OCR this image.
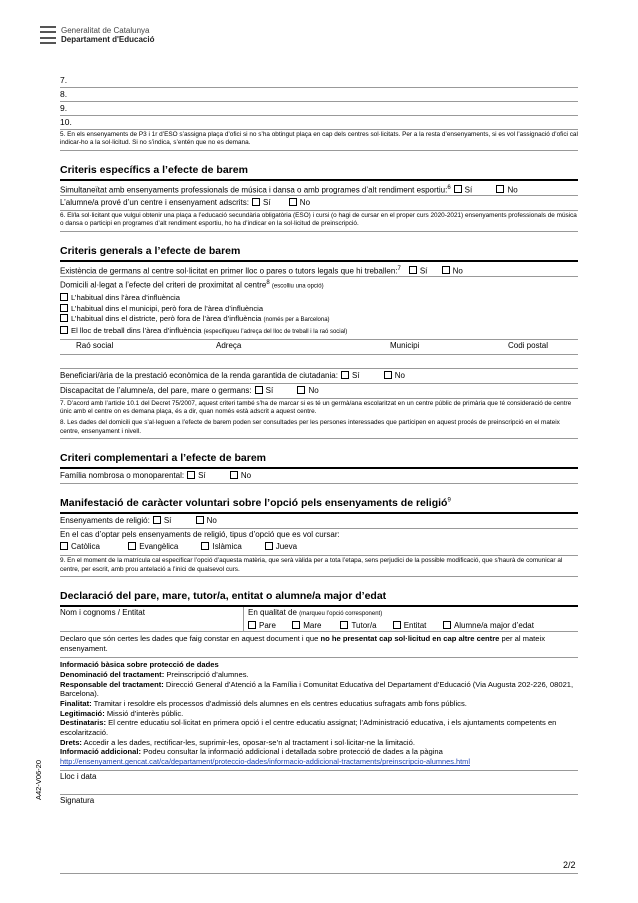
Generalitat de Catalunya
Departament d'Educació
7.
8.
9.
10.
5. En els ensenyaments de P3 i 1r d’ESO s’assigna plaça d’ofici si no s’ha obtingut plaça en cap dels centres sol·licitats. Per a la resta d’ensenyaments, si es vol l’assignació d’ofici cal indicar-ho a la sol·licitud. Si no s’indica, s’entén que no es demana.
Criteris específics a l’efecte de barem
Simultaneïtat amb ensenyaments professionals de música i dansa o amb programes d’alt rendiment esportiu:$^6$ Sí	No
L’alumne/a prové d’un centre i ensenyament adscrits: Sí	No
6. El/la sol·licitant que vulgui obtenir una plaça a l’educació secundària obligatòria (ESO) i cursi (o hagi de cursar en el proper curs 2020-2021) ensenyaments professionals de música o dansa o participi en programes d’alt rendiment esportiu, ho ha d’indicar en la sol·licitud de preinscripció.
Criteris generals a l’efecte de barem
Existència de germans al centre sol·licitat en primer lloc o pares o tutors legals que hi treballen:$^7$ Sí	No
Domicili al·legat a l’efecte del criteri de proximitat al centre$^8$ (escolliu una opció)
L’habitual dins l’àrea d’influència
L’habitual dins el municipi, però fora de l’àrea d’influència
L’habitual dins el districte, però fora de l’àrea d’influència (només per a Barcelona)
El lloc de treball dins l’àrea d’influència (especifiqueu l’adreça del lloc de treball i la raó social)
Raó social	Adreça	Municipi	Codi postal
Beneficiari/ària de la prestació econòmica de la renda garantida de ciutadania: Sí	No
Discapacitat de l’alumne/a, del pare, mare o germans: Sí	No
7. D’acord amb l’article 10.1 del Decret 75/2007, aquest criteri també s’ha de marcar si es té un germà/ana escolaritzat en un centre públic de primària que té consideració de centre únic amb el centre on es demana plaça, és a dir, quan només està adscrit a aquest centre.
8. Les dades del domicili que s’al·leguen a l’efecte de barem poden ser consultades per les persones interessades que participen en aquest procés de preinscripció en el mateix centre, ensenyament i nivell.
Criteri complementari a l’efecte de barem
Família nombrosa o monoparental: Sí	No
Manifestació de caràcter voluntari sobre l’opció pels ensenyaments de religió$^9$
Ensenyaments de religió: Sí	No
En el cas d’optar pels ensenyaments de religió, tipus d’opció que es vol cursar:
Catòlica	Evangèlica	Islàmica	Jueva
9. En el moment de la matrícula cal especificar l’opció d’aquesta matèria, que serà vàlida per a tota l’etapa, sens perjudici de la possible modificació, que s’haurà de comunicar al centre, per escrit, amb prou antelació a l’inici de qualsevol curs.
Declaració del pare, mare, tutor/a, entitat o alumne/a major d’edat
Nom i cognoms / Entitat	En qualitat de (marqueu l’opció corresponent)
Pare	Mare	Tutor/a	Entitat	Alumne/a major d’edat
Declaro que són certes les dades que faig constar en aquest document i que no he presentat cap sol·licitud en cap altre centre per al mateix ensenyament.
Informació bàsica sobre protecció de dades
Denominació del tractament: Preinscripció d’alumnes.
Responsable del tractament: Direcció General d’Atenció a la Família i Comunitat Educativa del Departament d’Educació (Via Augusta 202-226, 08021, Barcelona).
Finalitat: Tramitar i resoldre els processos d’admissió dels alumnes en els centres educatius sufragats amb fons públics.
Legitimació: Missió d’interès públic.
Destinataris: El centre educatiu sol·licitat en primera opció i el centre educatiu assignat; l’Administració educativa, i els ajuntaments competents en escolarització.
Drets: Accedir a les dades, rectificar-les, suprimir-les, oposar-se’n al tractament i sol·licitar-ne la limitació.
Informació addicional: Podeu consultar la informació addicional i detallada sobre protecció de dades a la pàgina
http://ensenyament.gencat.cat/ca/departament/proteccio-dades/informacio-addicional-tractaments/preinscripcio-alumnes.html
Lloc i data
Signatura
A42-V06-20
2/2
